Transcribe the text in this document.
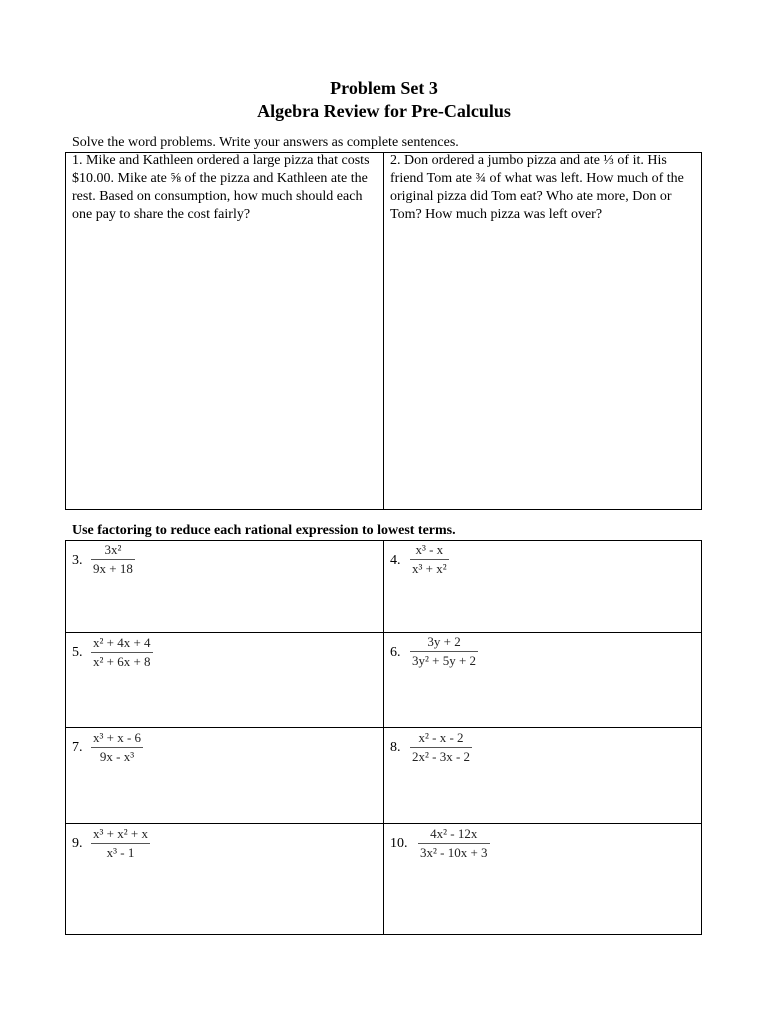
Problem Set 3
Algebra Review for Pre-Calculus
Solve the word problems. Write your answers as complete sentences.
1. Mike and Kathleen ordered a large pizza that costs $10.00. Mike ate ⅝ of the pizza and Kathleen ate the rest. Based on consumption, how much should each one pay to share the cost fairly?

2. Don ordered a jumbo pizza and ate ⅓ of it. His friend Tom ate ¾ of what was left. How much of the original pizza did Tom eat? Who ate more, Don or Tom? How much pizza was left over?
Use factoring to reduce each rational expression to lowest terms.
3. $\frac{\text{3x²}}{9x + 18}$	4. $\frac{\text{x³ - x}}{\text{x³ + x²}}$

5. $\frac{\text{x² + 4x + 4}}{\text{x² + 6x + 8}}$	6. $\frac{3y + 2}{\text{3y² + 5y + 2}}$

7. $\frac{\text{x³ + x - 6}}{\text{9x - x³}}$	8. $\frac{\text{x² - x - 2}}{\text{2x² - 3x - 2}}$

9. $\frac{\text{x³ + x² + x}}{\text{x³ - 1}}$	10. $\frac{\text{4x² - 12x}}{\text{3x² - 10x + 3}}$
